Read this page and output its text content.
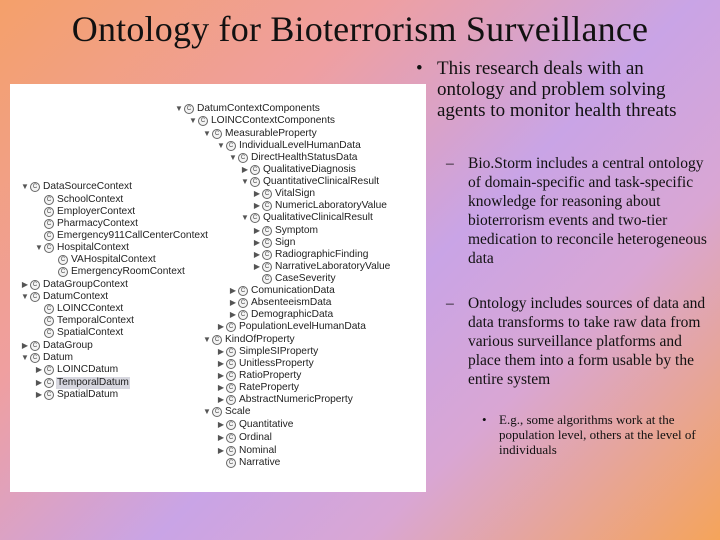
Ontology for Bioterrorism Surveillance
▼ C DatumContextComponents
▼ C LOINCContextComponents
▼ C MeasurableProperty
▼ C IndividualLevelHumanData
▼ C DirectHealthStatusData
▶ C QualitativeDiagnosis
▼ C QuantitativeClinicalResult
▶ C VitalSign
▶ C NumericLaboratoryValue
▼ C QualitativeClinicalResult
▶ C Symptom
▶ C Sign
▶ C RadiographicFinding
▶ C NarrativeLaboratoryValue
C CaseSeverity
▶ C ComunicationData
▶ C AbsenteeismData
▶ C DemographicData
▶ C PopulationLevelHumanData
▼ C KindOfProperty
▶ C SimpleSIProperty
▶ C UnitlessProperty
▶ C RatioProperty
▶ C RateProperty
▶ C AbstractNumericProperty
▼ C Scale
▶ C Quantitative
▶ C Ordinal
▶ C Nominal
C Narrative
▼ C DataSourceContext
C SchoolContext
C EmployerContext
C PharmacyContext
C Emergency911CallCenterContext
▼ C HospitalContext
C VAHospitalContext
C EmergencyRoomContext
▶ C DataGroupContext
▼ C DatumContext
C LOINCContext
C TemporalContext
C SpatialContext
▶ C DataGroup
▼ C Datum
▶ C LOINCDatum
▶ C TemporalDatum
▶ C SpatialDatum
• This research deals with an ontology and problem solving agents to monitor health threats
– Bio.Storm includes a central ontology of domain-specific and task-specific knowledge for reasoning about bioterrorism events and two-tier medication to reconcile heterogeneous data
– Ontology includes sources of data and data transforms to take raw data from various surveillance platforms and place them into a form usable by the entire system
• E.g., some algorithms work at the population level, others at the level of individuals
